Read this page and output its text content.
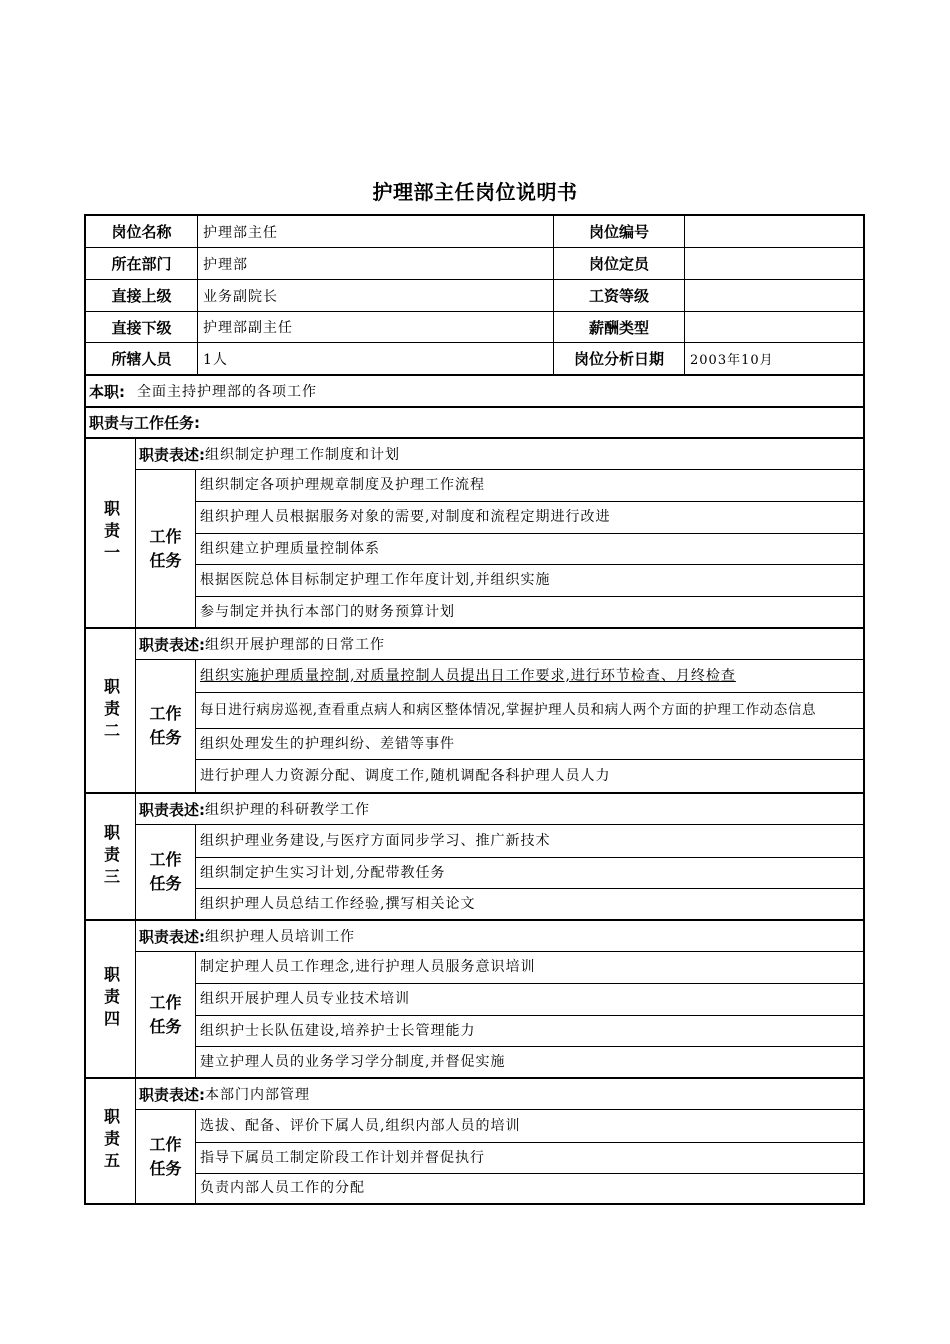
护理部主任岗位说明书
岗位名称	护理部主任	岗位编号
所在部门	护理部	岗位定员
直接上级	业务副院长	工资等级
直接下级	护理部副主任	薪酬类型
所辖人员	1人	岗位分析日期	2003年10月
本职: 全面主持护理部的各项工作
职责与工作任务:
职责一
职责表述: 组织制定护理工作制度和计划
工作任务
组织制定各项护理规章制度及护理工作流程
组织护理人员根据服务对象的需要,对制度和流程定期进行改进
组织建立护理质量控制体系
根据医院总体目标制定护理工作年度计划,并组织实施
参与制定并执行本部门的财务预算计划
职责二
职责表述: 组织开展护理部的日常工作
工作任务
组织实施护理质量控制,对质量控制人员提出日工作要求,进行环节检查、月终检查
每日进行病房巡视,查看重点病人和病区整体情况,掌握护理人员和病人两个方面的护理工作动态信息
组织处理发生的护理纠纷、差错等事件
进行护理人力资源分配、调度工作,随机调配各科护理人员人力
职责三
职责表述: 组织护理的科研教学工作
工作任务
组织护理业务建设,与医疗方面同步学习、推广新技术
组织制定护生实习计划,分配带教任务
组织护理人员总结工作经验,撰写相关论文
职责四
职责表述: 组织护理人员培训工作
工作任务
制定护理人员工作理念,进行护理人员服务意识培训
组织开展护理人员专业技术培训
组织护士长队伍建设,培养护士长管理能力
建立护理人员的业务学习学分制度,并督促实施
职责五
职责表述: 本部门内部管理
工作任务
选拔、配备、评价下属人员,组织内部人员的培训
指导下属员工制定阶段工作计划并督促执行
负责内部人员工作的分配
